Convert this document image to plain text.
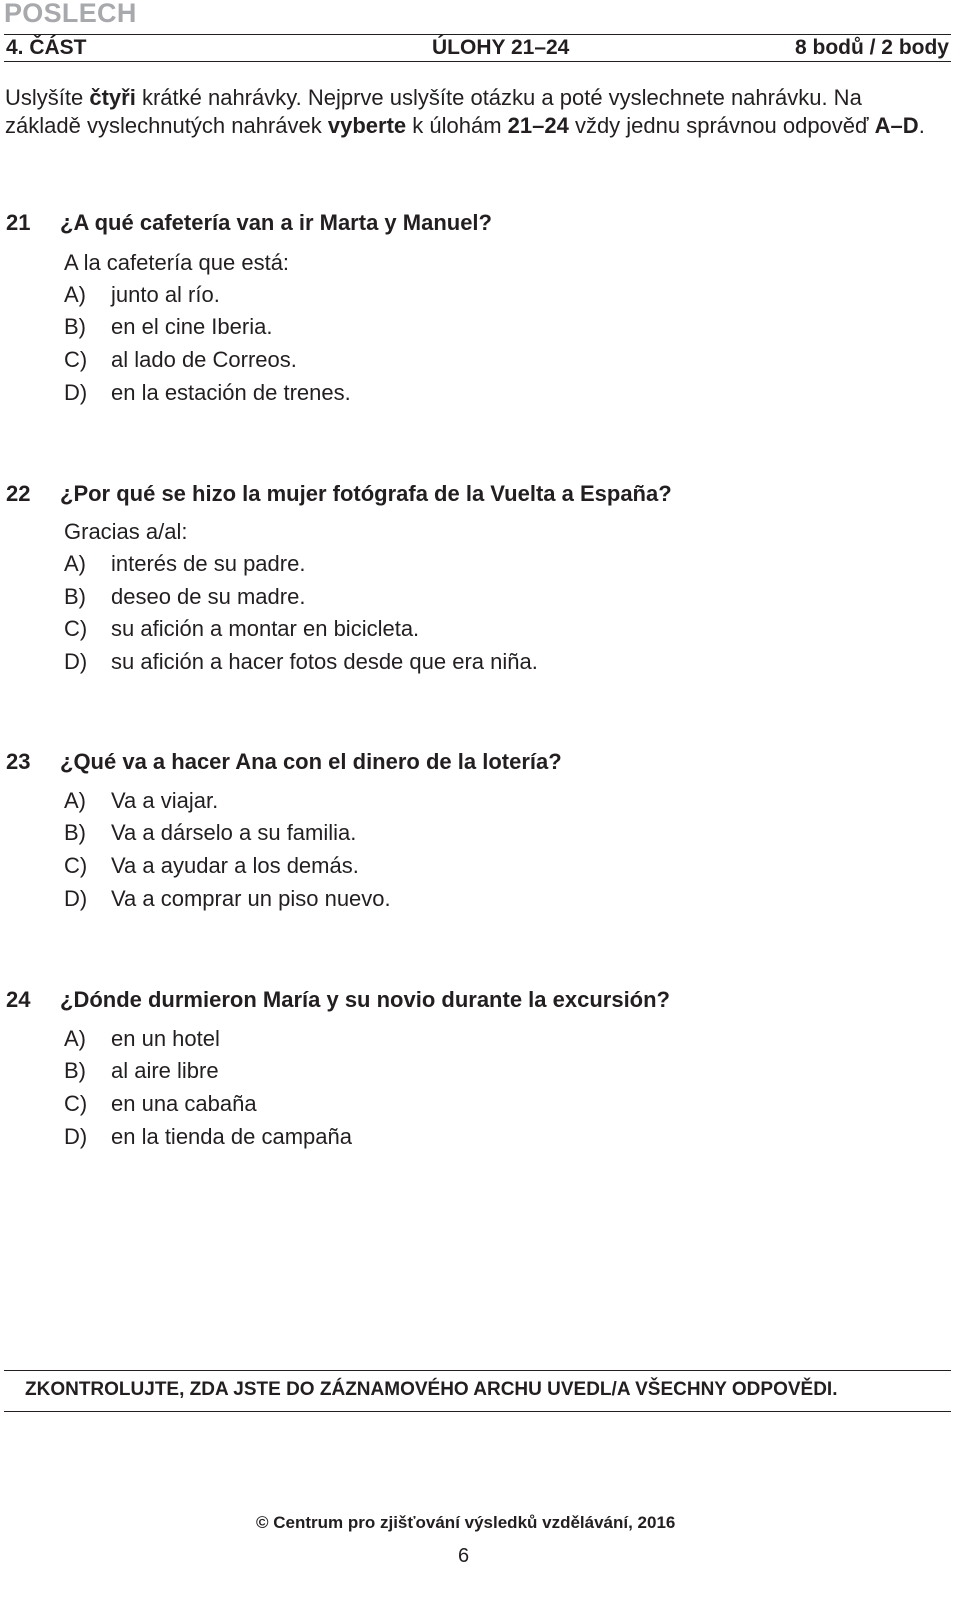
POSLECH
4. ČÁST	ÚLOHY 21–24	8 bodů / 2 body
Uslyšíte čtyři krátké nahrávky. Nejprve uslyšíte otázku a poté vyslechnete nahrávku. Na základě vyslechnutých nahrávek vyberte k úlohám 21–24 vždy jednu správnou odpověď A–D.
21 ¿A qué cafetería van a ir Marta y Manuel?
A la cafetería que está:
A) junto al río.
B) en el cine Iberia.
C) al lado de Correos.
D) en la estación de trenes.
22 ¿Por qué se hizo la mujer fotógrafa de la Vuelta a España?
Gracias a/al:
A) interés de su padre.
B) deseo de su madre.
C) su afición a montar en bicicleta.
D) su afición a hacer fotos desde que era niña.
23 ¿Qué va a hacer Ana con el dinero de la lotería?
A) Va a viajar.
B) Va a dárselo a su familia.
C) Va a ayudar a los demás.
D) Va a comprar un piso nuevo.
24 ¿Dónde durmieron María y su novio durante la excursión?
A) en un hotel
B) al aire libre
C) en una cabaña
D) en la tienda de campaña
ZKONTROLUJTE, ZDA JSTE DO ZÁZNAMOVÉHO ARCHU UVEDL/A VŠECHNY ODPOVĚDI.
© Centrum pro zjišťování výsledků vzdělávání, 2016
6
